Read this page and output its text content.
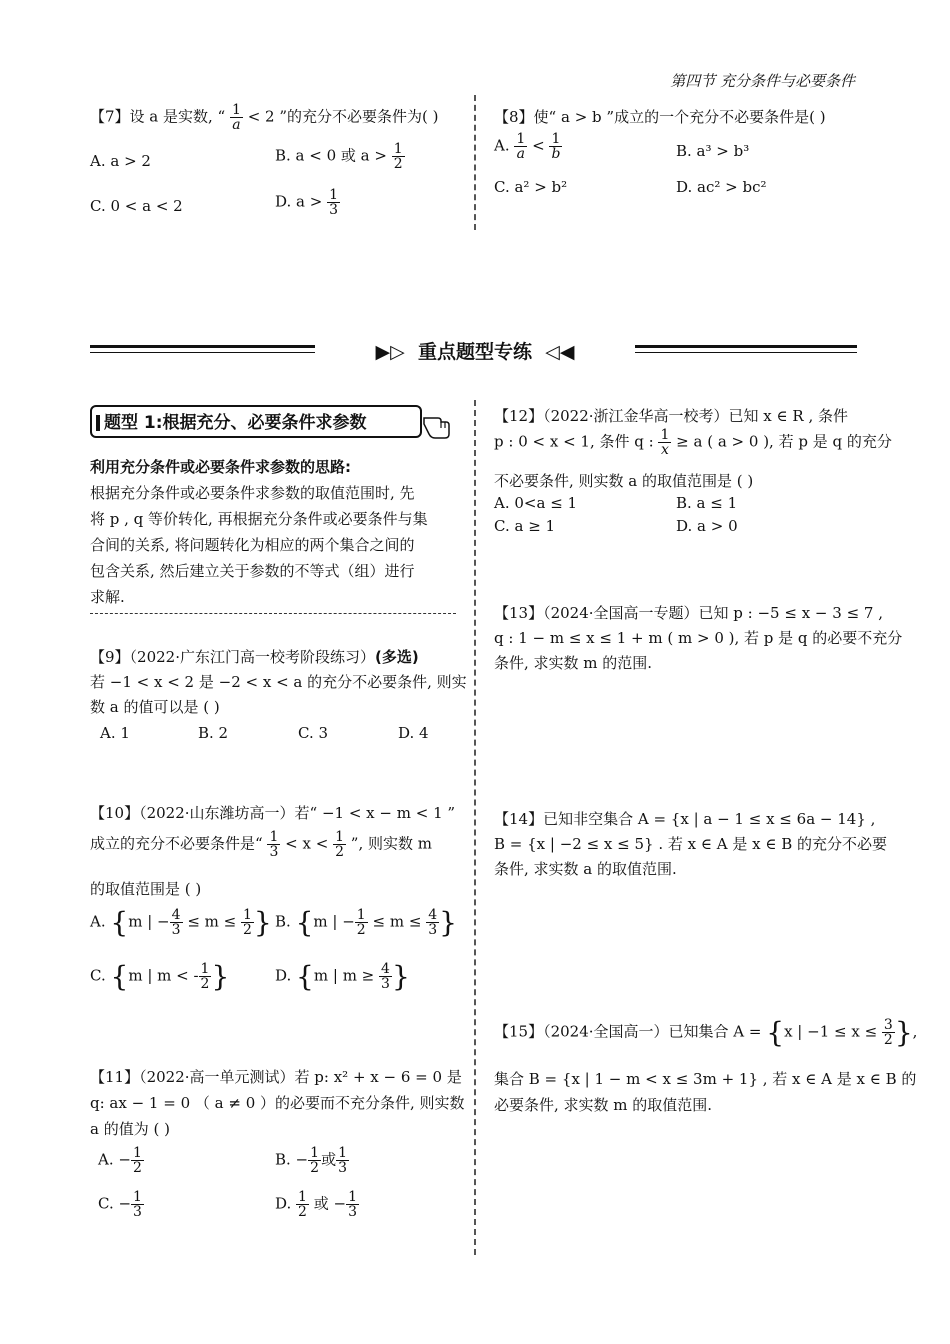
第四节 充分条件与必要条件
【7】设 a 是实数, “ $\frac{1}{a} < 2$ ”的充分不必要条件为( )
A. a > 2	B. a < 0 或 $a > \frac{1}{2}$
C. 0 < a < 2	D. $a > \frac{1}{3}$
【8】使“ a > b ”成立的一个充分不必要条件是( )
A. $\frac{1}{a} < \frac{1}{b}$	B. a³ > b³
C. a² > b²	D. ac² > bc²
▶▷ 重点题型专练 ◁◀
题型 1:根据充分、必要条件求参数
利用充分条件或必要条件求参数的思路:
根据充分条件或必要条件求参数的取值范围时, 先
将 p , q 等价转化, 再根据充分条件或必要条件与集
合间的关系, 将问题转化为相应的两个集合之间的
包含关系, 然后建立关于参数的不等式（组）进行
求解.
【9】（2022·广东江门高一校考阶段练习）(多选)
若 −1 < x < 2 是 −2 < x < a 的充分不必要条件, 则实
数 a 的值可以是 ( )
A. 1	B. 2	C. 3	D. 4
【10】（2022·山东潍坊高一）若“ −1 < x − m < 1 ”
成立的充分不必要条件是“ $\frac{1}{3} < x < \frac{1}{2}$ ”, 则实数 m
的取值范围是 ( )
A. {m | − $\frac{4}{3} \le m \le \frac{1}{2}$ } B. {m | − $\frac{1}{2} \le m \le \frac{4}{3}$ }
C. {m | m < - $\frac{1}{2}$ }	D. {m | $m \ge \frac{4}{3}$ }
【11】（2022·高一单元测试）若 p: x² + x − 6 = 0 是
q: ax − 1 = 0 （ a ≠ 0 ）的必要而不充分条件, 则实数
a 的值为 ( )
A. − $\frac{1}{2}$	B. − $\frac{1}{2}$ 或 $\frac{1}{3}$
C. − $\frac{1}{3}$	D. $\frac{1}{2}$ 或 − $\frac{1}{3}$
【12】（2022·浙江金华高一校考）已知 x ∈ R , 条件
p : 0 < x < 1, 条件 q : $\frac{1}{x} \ge a$ ( a > 0 ), 若 p 是 q 的充分
不必要条件, 则实数 a 的取值范围是 ( )
A. 0<a ≤ 1	B. a ≤ 1
C. a ≥ 1	D. a > 0
【13】（2024·全国高一专题）已知 p : −5 ≤ x − 3 ≤ 7 ,
q : 1 − m ≤ x ≤ 1 + m ( m > 0 ), 若 p 是 q 的必要不充分
条件, 求实数 m 的范围.
【14】已知非空集合 A = {x | a − 1 ≤ x ≤ 6a − 14} ,
B = {x | −2 ≤ x ≤ 5} . 若 x ∈ A 是 x ∈ B 的充分不必要
条件, 求实数 a 的取值范围.
【15】（2024·全国高一）已知集合 A = {x | $-1 \le x \le \frac{3}{2}$ },
集合 B = {x | 1 − m < x ≤ 3m + 1} , 若 x ∈ A 是 x ∈ B 的
必要条件, 求实数 m 的取值范围.
